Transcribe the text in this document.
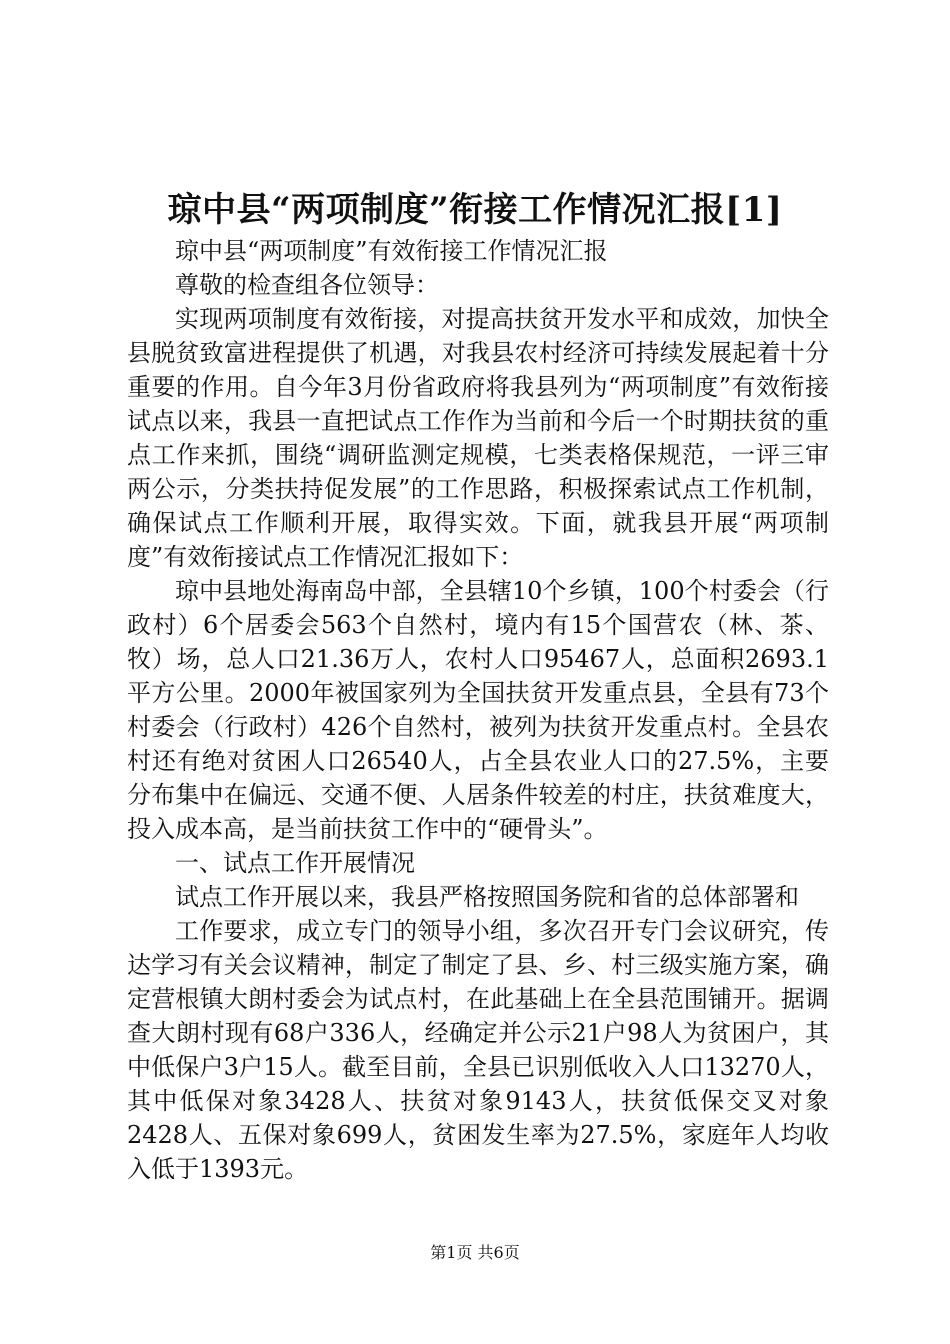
琼中县“两项制度”衔接工作情况汇报[1]

琼中县“两项制度”有效衔接工作情况汇报

尊敬的检查组各位领导：

实现两项制度有效衔接，对提高扶贫开发水平和成效，加快全县脱贫致富进程提供了机遇，对我县农村经济可持续发展起着十分重要的作用。自今年3月份省政府将我县列为“两项制度”有效衔接试点以来，我县一直把试点工作作为当前和今后一个时期扶贫的重点工作来抓，围绕“调研监测定规模，七类表格保规范，一评三审两公示，分类扶持促发展”的工作思路，积极探索试点工作机制，确保试点工作顺利开展，取得实效。下面，就我县开展“两项制度”有效衔接试点工作情况汇报如下：

琼中县地处海南岛中部，全县辖10个乡镇，100个村委会（行政村）6个居委会563个自然村，境内有15个国营农（林、茶、牧）场，总人口21.36万人，农村人口95467人，总面积2693.1平方公里。2000年被国家列为全国扶贫开发重点县，全县有73个村委会（行政村）426个自然村，被列为扶贫开发重点村。全县农村还有绝对贫困人口26540人，占全县农业人口的27.5%，主要分布集中在偏远、交通不便、人居条件较差的村庄，扶贫难度大，投入成本高，是当前扶贫工作中的“硬骨头”。

一、试点工作开展情况

试点工作开展以来，我县严格按照国务院和省的总体部署和

工作要求，成立专门的领导小组，多次召开专门会议研究，传达学习有关会议精神，制定了制定了县、乡、村三级实施方案，确定营根镇大朗村委会为试点村，在此基础上在全县范围铺开。据调查大朗村现有68户336人，经确定并公示21户98人为贫困户，其中低保户3户15人。截至目前，全县已识别低收入人口13270人，其中低保对象3428人、扶贫对象9143人，扶贫低保交叉对象2428人、五保对象699人，贫困发生率为27.5%，家庭年人均收入低于1393元。

第1页 共6页
